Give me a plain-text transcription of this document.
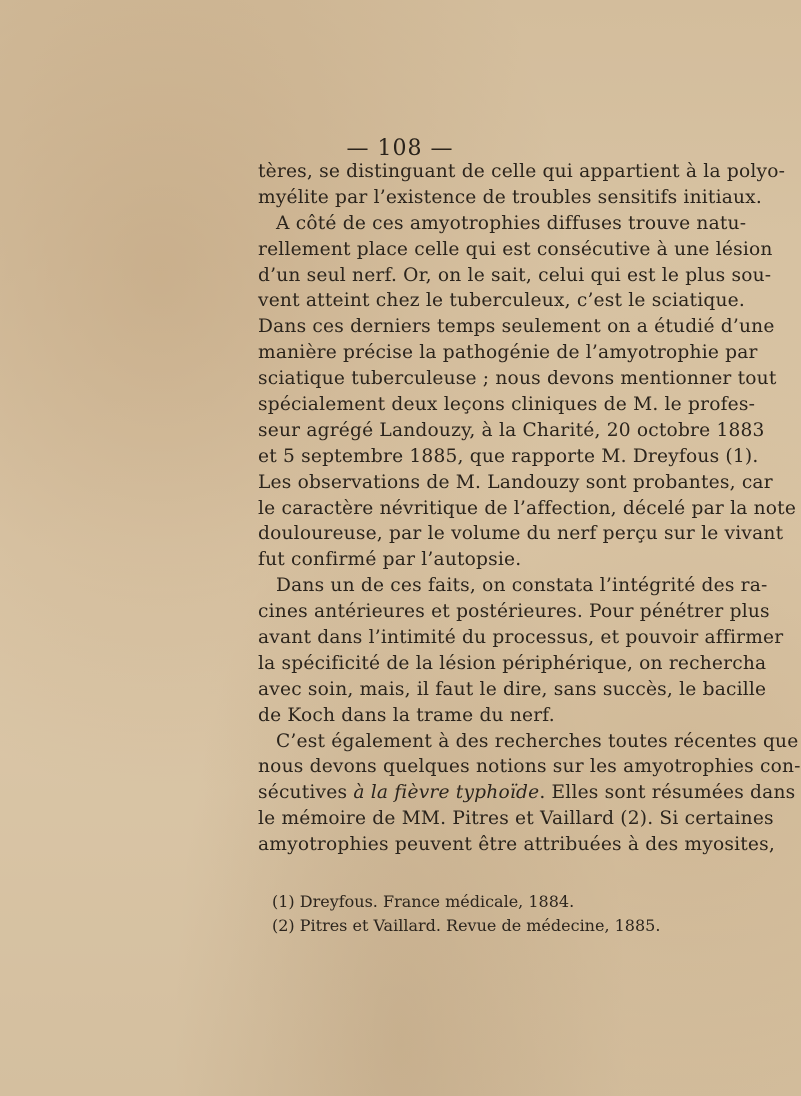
— 108 —
tères, se distinguant de celle qui appartient à la polyo-
myélite par l’existence de troubles sensitifs initiaux.
A côté de ces amyotrophies diffuses trouve natu-
rellement place celle qui est consécutive à une lésion
d’un seul nerf. Or, on le sait, celui qui est le plus sou-
vent atteint chez le tuberculeux, c’est le sciatique.
Dans ces derniers temps seulement on a étudié d’une
manière précise la pathogénie de l’amyotrophie par
sciatique tuberculeuse ; nous devons mentionner tout
spécialement deux leçons cliniques de M. le profes-
seur agrégé Landouzy, à la Charité, 20 octobre 1883
et 5 septembre 1885, que rapporte M. Dreyfous (1).
Les observations de M. Landouzy sont probantes, car
le caractère névritique de l’affection, décelé par la note
douloureuse, par le volume du nerf perçu sur le vivant
fut confirmé par l’autopsie.
Dans un de ces faits, on constata l’intégrité des ra-
cines antérieures et postérieures. Pour pénétrer plus
avant dans l’intimité du processus, et pouvoir affirmer
la spécificité de la lésion périphérique, on rechercha
avec soin, mais, il faut le dire, sans succès, le bacille
de Koch dans la trame du nerf.
C’est également à des recherches toutes récentes que
nous devons quelques notions sur les amyotrophies con-
sécutives à la fièvre typhoïde. Elles sont résumées dans
le mémoire de MM. Pitres et Vaillard (2). Si certaines
amyotrophies peuvent être attribuées à des myosites,
(1) Dreyfous. France médicale, 1884.
(2) Pitres et Vaillard. Revue de médecine, 1885.
